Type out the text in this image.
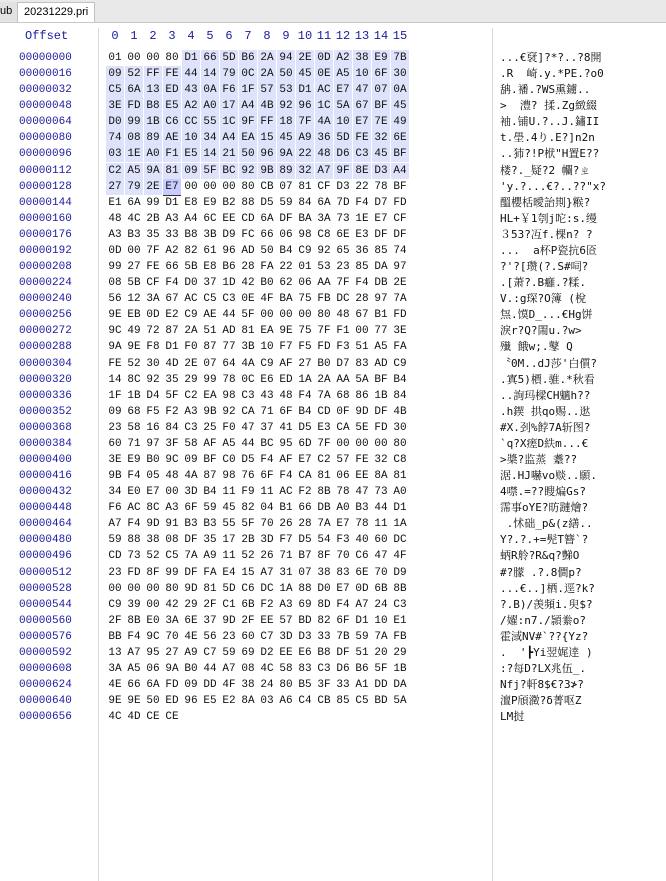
ub	20231229.pri
Offset	0 1 2 3 4 5 6 7 8 9 10 11 12 13 14 15
00000000	01 00 00 80 D1 66 5D B6 2A 94 2E 0D A2 38 E9 7B	...€裦]?*?..?8開
00000016	09 52 FF FE 44 14 79 0C 2A 50 45 0E A5 10 6F 30	.R  崎.y.*PE.?o0
00000032	C5 6A 13 ED 43 0A F6 1F 57 53 D1 AC E7 47 07 0A	舑.襎.?WS熏鐪..
00000048	3E FD B8 E5 A2 A0 17 A4 4B 92 96 1C 5A 67 BF 45	>  澧? 揉.Zg緻綴
00000064	D0 99 1B C6 CC 55 1C 9F FF 18 7F 4A 10 E7 7E 49	袖.铺U.?..J.鏽II
00000080	74 08 89 AE 10 34 A4 EA 15 45 A9 36 5D FE 32 6E	t.壆.4り.E?]n2n
00000096	03 1E A0 F1 E5 14 21 50 96 9A 22 48 D6 C3 45 BF	..犻?!P栿"H置E??
00000112	C2 A5 9A 81 09 5F BC 92 9B 89 32 A7 9F 8E D3 A4	楼?._疑?2 幱?ㄓ
00000128	27 79 2E E7 00 00 00 80 CB 07 81 CF D3 22 78 BF	'y.?...€?..??"x?
00000144	E1 6A 99 D1 E8 E9 B2 88 D5 59 84 6A 7D F4 D7 FD	醞櫻栝曖詒剘}糇?
00000160	48 4C 2B A3 A4 6C EE CD 6A DF BA 3A 73 1E E7 CF	HL+￥1刳j咜:s.缦
00000176	A3 B3 35 33 B8 3B D9 FC 66 06 98 C8 6E E3 DF DF	３53?冱f.棵n? ?
00000192	0D 00 7F A2 82 61 96 AD 50 B4 C9 92 65 36 85 74	...  a杯P瓷抗6匼
00000208	99 27 FE 66 5B E8 B6 28 FA 22 01 53 23 85 DA 97	?'?[瓒(?.S#呞?
00000224	08 5B CF F4 D0 37 1D 42 B0 62 06 AA 7F F4 DB 2E	.[萧?.B癰.?糅.
00000240	56 12 3A 67 AC C5 C3 0E 4F BA 75 FB DC 28 97 7A	V.:g琛?O簿 (梲
00000256	9E EB 0D E2 C9 AE 44 5F 00 00 00 80 48 67 B1 FD	炰.馍D_...€Hg饼
00000272	9C 49 72 87 2A 51 AD 81 EA 9E 75 7F F1 00 77 3E	淚r?Q?閙u.?w>
00000288	9A 9E F8 D1 F0 87 77 3B 10 F7 F5 FD F3 51 A5 FA	殱 餓w;.鼕 Q
00000304	FE 52 30 4D 2E 07 64 4A C9 AF 27 B0 D7 83 AD C9	〝0M..dJ莎'白儨?
00000320	14 8C 92 35 29 99 78 0C E6 ED 1A 2A AA 5A BF B4	.寘5)檟.骓.*秋看
00000336	1F 1B D4 5F C2 EA 98 C3 43 48 F4 7A 68 86 1B 84	..詢玛樑CH魑h??
00000352	09 68 F5 F2 A3 9B 92 CA 71 6F B4 CD 0F 9D DF 4B	.h鍥 拱qo赐..逖
00000368	23 58 16 84 C3 25 F0 47 37 41 D5 E3 CA 5E FD 30	#X.刭%餑7A斩图?
00000384	60 71 97 3F 58 AF A5 44 BC 95 6D 7F 00 00 00 80	`q?X瘥D紩m...€
00000400	3E E9 B0 9C 09 BF C0 D5 F4 AF E7 C2 57 FE 32 C8	>槳?监蒸 耋??
00000416	9B F4 05 48 4A 87 98 76 6F F4 CA 81 06 EE 8A 81	涺.HJ嚇vo赕..願.
00000432	34 E0 E7 00 3D B4 11 F9 11 AC F2 8B 78 47 73 A0	4噤.=??瞍煸Gs?
00000448	F6 AC 8C A3 6F 59 45 82 04 B1 66 DB A0 B3 44 D1	霈事oYE?昉蹥燴?
00000464	A7 F4 9D 91 B3 B3 55 5F 70 26 28 7A E7 78 11 1A	.怵础_p&(z繕..
00000480	59 88 38 08 DF 35 17 2B 3D F7 D5 54 F3 40 60 DC	Y?.?.+=髡T簪`?
00000496	CD 73 52 C5 7A A9 11 52 26 71 B7 8F 70 C6 47 4F	蛃R舲?R&q?豑O
00000512	23 FD 8F 99 DF FA E4 15 A7 31 07 38 83 6E 70 D9	#?朦 .?.8僴p?
00000528	00 00 00 80 9D 81 5D C6 DC 1A 88 D0 E7 0D 6B 8B	...€..]栖.逕?k?
00000544	C9 39 00 42 29 2F C1 6B F2 A3 69 8D F4 A7 24 C3	?.B)/羡頻i.臾$?
00000560	2F 8B E0 3A 6E 37 9D 2F EE 57 BD 82 6F D1 10 E1	/嬥:n7./頴絭o?
00000576	BB F4 9C 70 4E 56 23 60 C7 3D D3 33 7B 59 7A FB	霍淢NV#`??{Yz?
00000592	13 A7 95 27 A9 C7 59 69 D2 EE E6 B8 DF 51 20 29	.  '┣Yi翌娓逹 )
00000608	3A A5 06 9A B0 44 A7 08 4C 58 83 C3 D6 B6 5F 1B	:?每D?LX兆伍_.
00000624	4E 66 6A FD 09 DD 4F 38 24 80 B5 3F 33 A1 DD DA	Nfj?軒8$€?3≯?
00000640	9E 9E 50 ED 96 E5 E2 8A 03 A6 C4 CB 85 C5 BD 5A	澶P頎瀓?δ菁呕Z
00000656	4C 4D CE CE	LM挝
